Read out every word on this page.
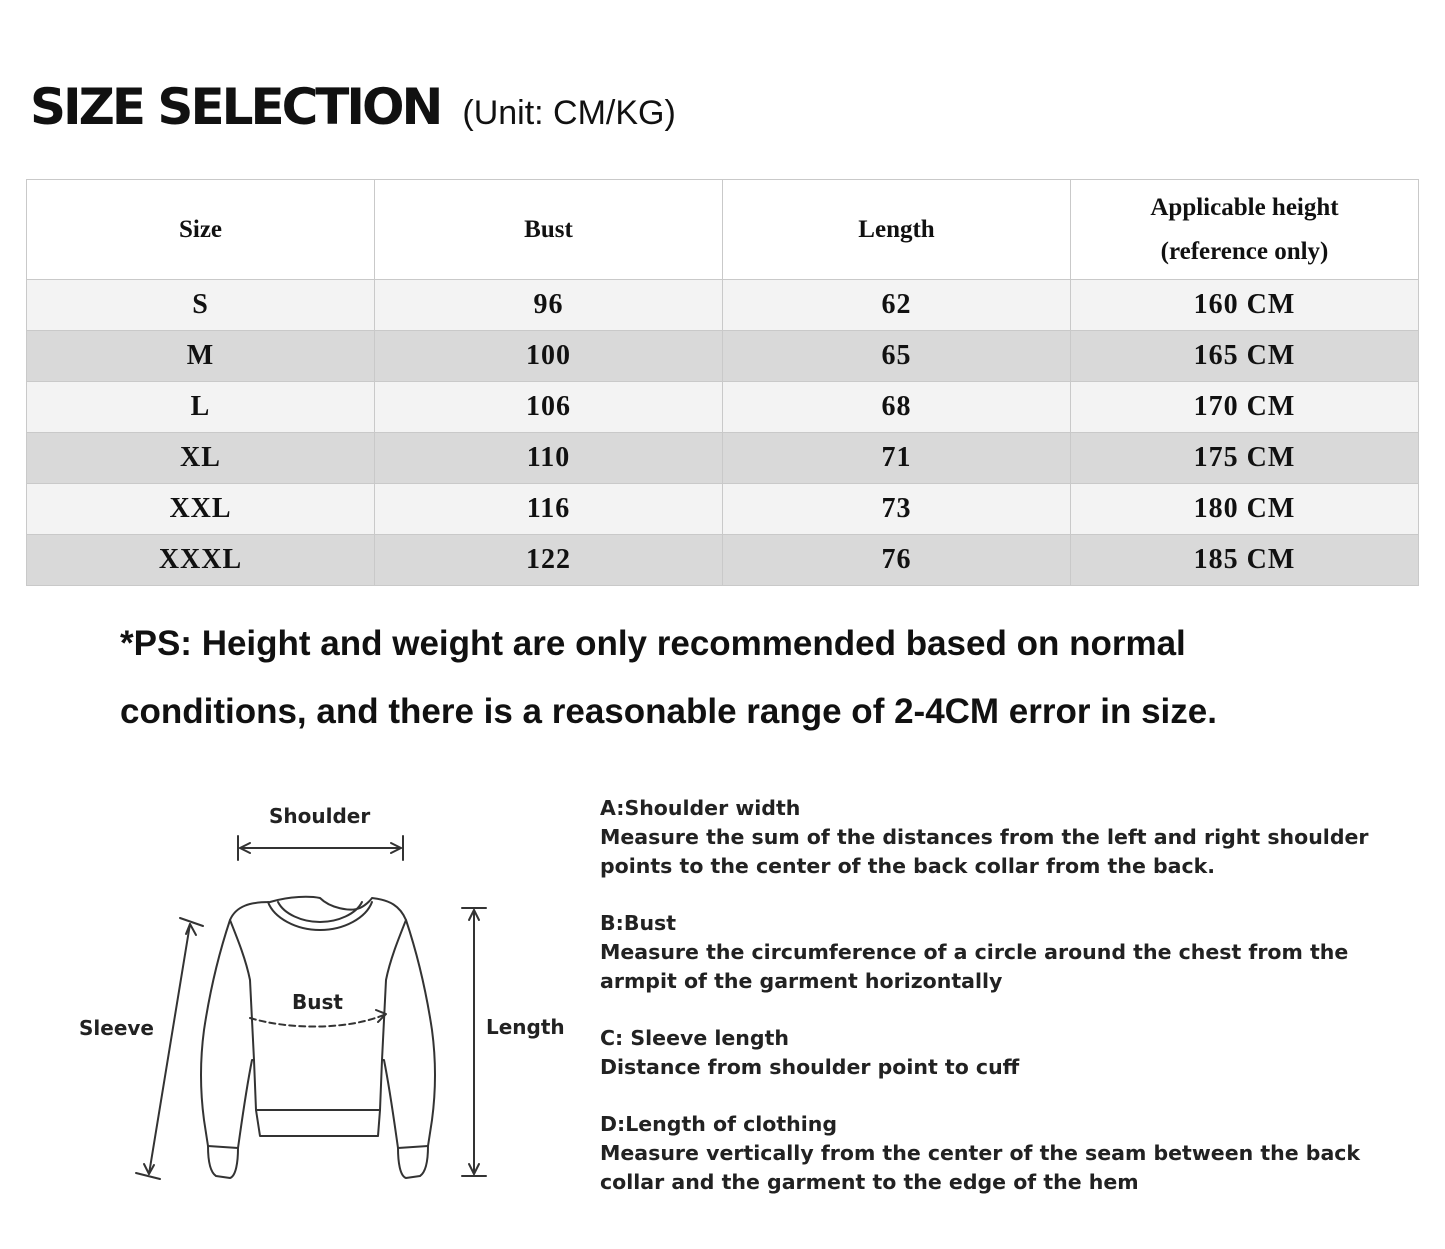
SIZE SELECTION (Unit: CM/KG)
Size	Bust	Length	Applicable height
(reference only)

S	96	62	160 CM
M	100	65	165 CM
L	106	68	170 CM
XL	110	71	175 CM
XXL	116	73	180 CM
XXXL	122	76	185 CM
*PS: Height and weight are only recommended based on normal
conditions, and there is a reasonable range of 2-4CM error in size.
Shoulder
Bust
Sleeve	Length
A:Shoulder width
Measure the sum of the distances from the left and right shoulder points to the center of the back collar from the back.
B:Bust
Measure the circumference of a circle around the chest from the armpit of the garment horizontally
C: Sleeve length
Distance from shoulder point to cuff
D:Length of clothing
Measure vertically from the center of the seam between the back collar and the garment to the edge of the hem
